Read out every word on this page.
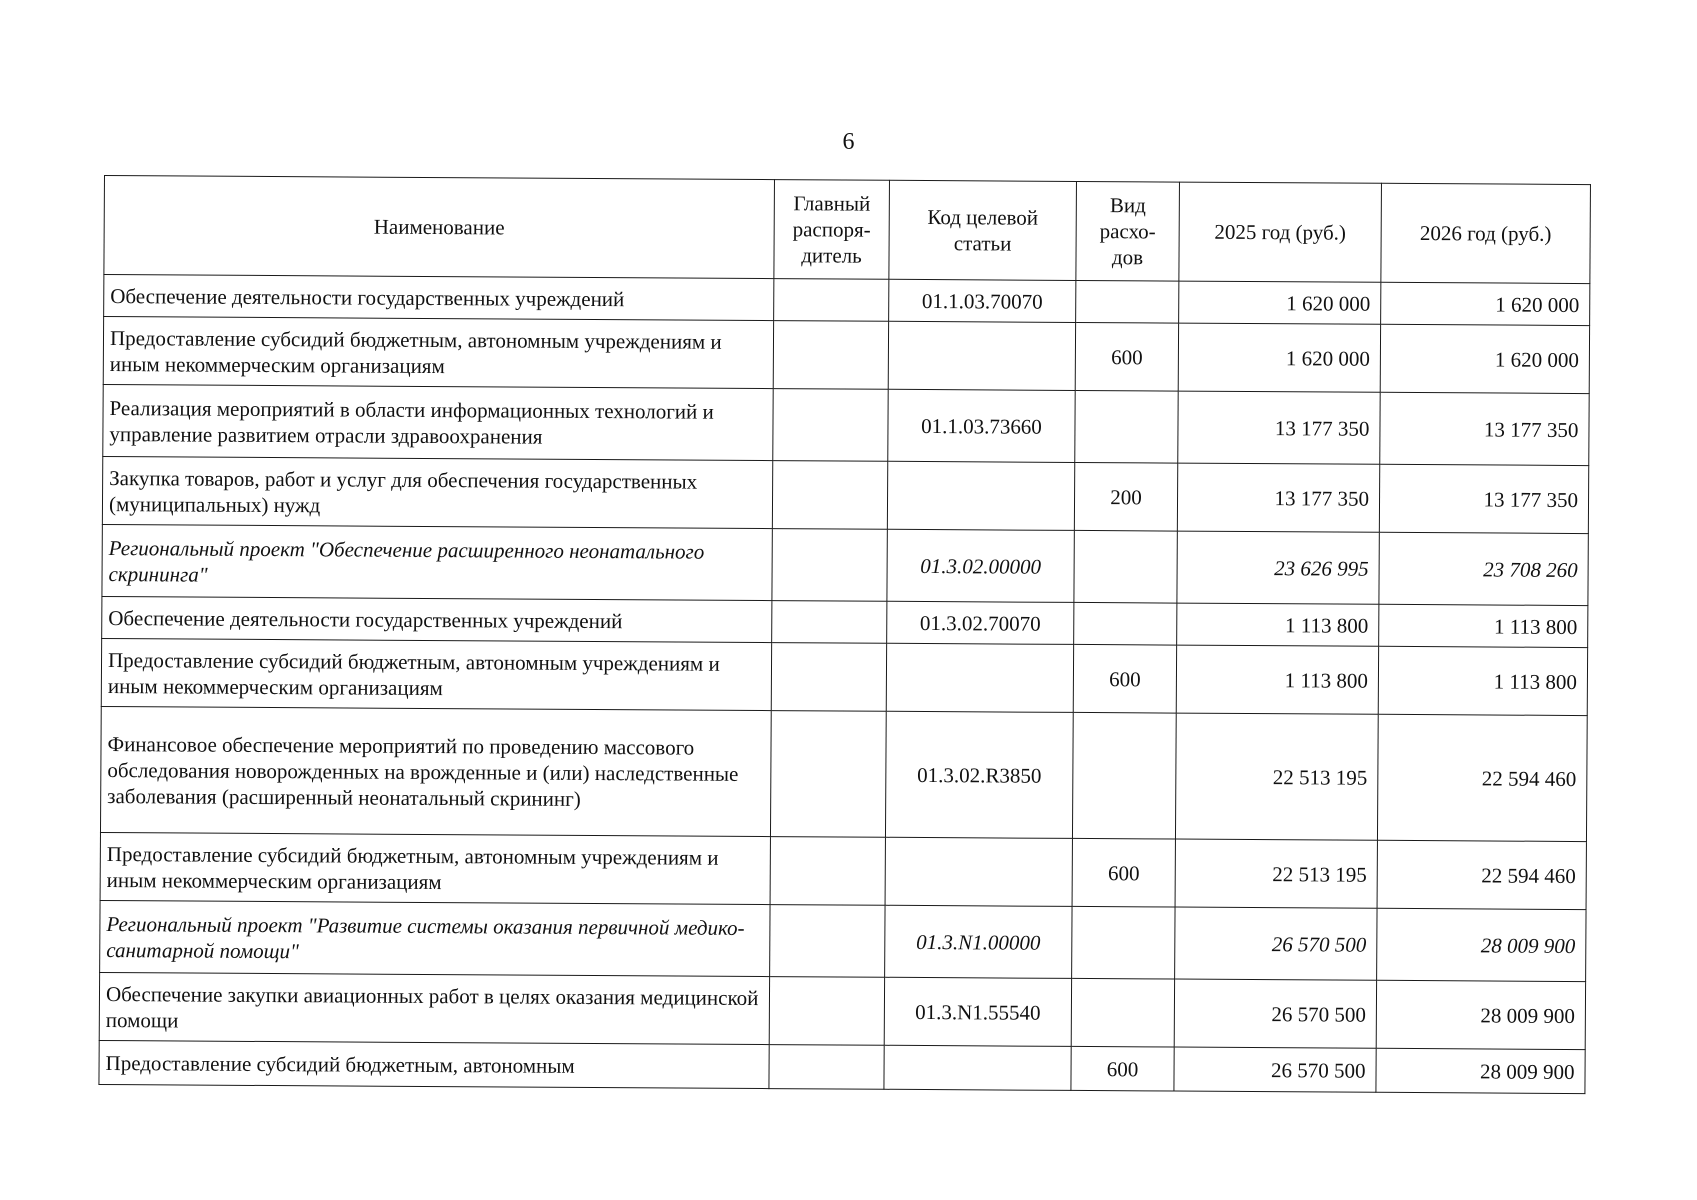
6
Наименование	Главный распоря-дитель	Код целевой статьи	Вид расхо-дов	2025 год (руб.)	2026 год (руб.)
Обеспечение деятельности государственных учреждений		01.1.03.70070		1 620 000	1 620 000
Предоставление субсидий бюджетным, автономным учреждениям и иным некоммерческим организациям			600	1 620 000	1 620 000
Реализация мероприятий в области информационных технологий и управление развитием отрасли здравоохранения		01.1.03.73660		13 177 350	13 177 350
Закупка товаров, работ и услуг для обеспечения государственных (муниципальных) нужд			200	13 177 350	13 177 350
Региональный проект "Обеспечение расширенного неонатального скрининга"		01.3.02.00000		23 626 995	23 708 260
Обеспечение деятельности государственных учреждений		01.3.02.70070		1 113 800	1 113 800
Предоставление субсидий бюджетным, автономным учреждениям и иным некоммерческим организациям			600	1 113 800	1 113 800
Финансовое обеспечение мероприятий по проведению массового обследования новорожденных на врожденные и (или) наследственные заболевания (расширенный неонатальный скрининг)		01.3.02.R3850		22 513 195	22 594 460
Предоставление субсидий бюджетным, автономным учреждениям и иным некоммерческим организациям			600	22 513 195	22 594 460
Региональный проект "Развитие системы оказания первичной медико-санитарной помощи"		01.3.N1.00000		26 570 500	28 009 900
Обеспечение закупки авиационных работ в целях оказания медицинской помощи		01.3.N1.55540		26 570 500	28 009 900
Предоставление субсидий бюджетным, автономным			600	26 570 500	28 009 900
